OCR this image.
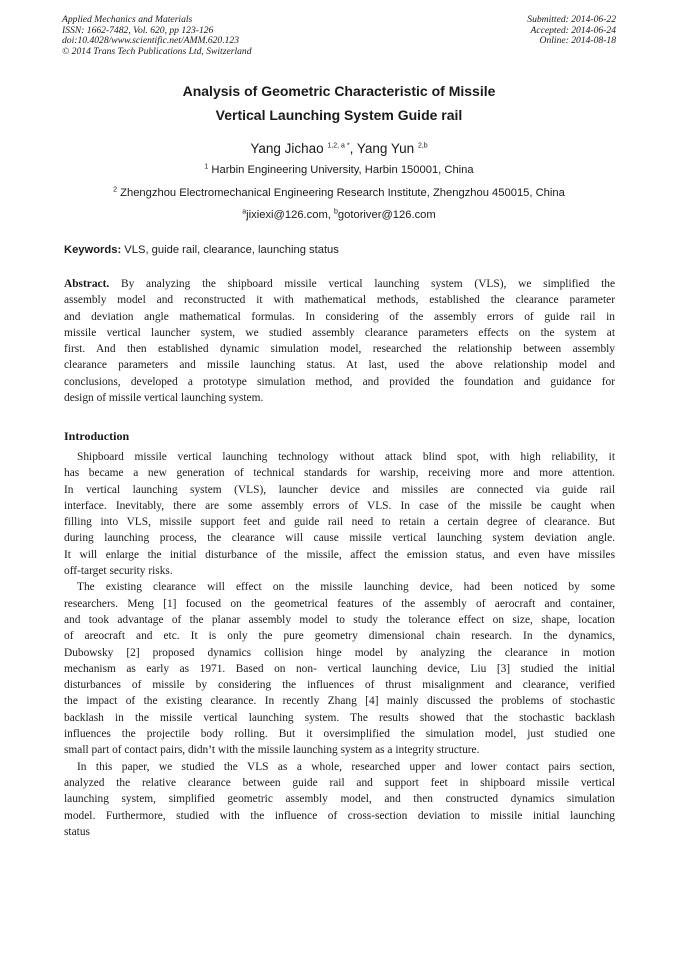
Applied Mechanics and Materials
ISSN: 1662-7482, Vol. 620, pp 123-126
doi:10.4028/www.scientific.net/AMM.620.123
© 2014 Trans Tech Publications Ltd, Switzerland
Submitted: 2014-06-22
Accepted: 2014-06-24
Online: 2014-08-18
Analysis of Geometric Characteristic of Missile
Vertical Launching System Guide rail
Yang Jichao $^{1,2, a *}$, Yang Yun $^{2,b}$
$^1$ Harbin Engineering University, Harbin 150001, China
$^2$ Zhengzhou Electromechanical Engineering Research Institute, Zhengzhou 450015, China
$^a$jixiexi@126.com, $^b$gotoriver@126.com
Keywords: VLS, guide rail, clearance, launching status
Abstract. By analyzing the shipboard missile vertical launching system (VLS), we simplified the
assembly model and reconstructed it with mathematical methods, established the clearance parameter
and deviation angle mathematical formulas. In considering of the assembly errors of guide rail in
missile vertical launcher system, we studied assembly clearance parameters effects on the system at
first. And then established dynamic simulation model, researched the relationship between assembly
clearance parameters and missile launching status. At last, used the above relationship model and
conclusions, developed a prototype simulation method, and provided the foundation and guidance for
design of missile vertical launching system.
Introduction
Shipboard missile vertical launching technology without attack blind spot, with high reliability, it
has became a new generation of technical standards for warship, receiving more and more attention.
In vertical launching system (VLS), launcher device and missiles are connected via guide rail
interface. Inevitably, there are some assembly errors of VLS. In case of the missile be caught when
filling into VLS, missile support feet and guide rail need to retain a certain degree of clearance. But
during launching process, the clearance will cause missile vertical launching system deviation angle.
It will enlarge the initial disturbance of the missile, affect the emission status, and even have missiles
off-target security risks.
The existing clearance will effect on the missile launching device, had been noticed by some
researchers. Meng [1] focused on the geometrical features of the assembly of aerocraft and container,
and took advantage of the planar assembly model to study the tolerance effect on size, shape, location
of areocraft and etc. It is only the pure geometry dimensional chain research. In the dynamics,
Dubowsky [2] proposed dynamics collision hinge model by analyzing the clearance in motion
mechanism as early as 1971. Based on non- vertical launching device, Liu [3] studied the initial
disturbances of missile by considering the influences of thrust misalignment and clearance, verified
the impact of the existing clearance. In recently Zhang [4] mainly discussed the problems of stochastic
backlash in the missile vertical launching system. The results showed that the stochastic backlash
influences the projectile body rolling. But it oversimplified the simulation model, just studied one
small part of contact pairs, didn’t with the missile launching system as a integrity structure.
In this paper, we studied the VLS as a whole, researched upper and lower contact pairs section,
analyzed the relative clearance between guide rail and support feet in shipboard missile vertical
launching system, simplified geometric assembly model, and then constructed dynamics simulation
model. Furthermore, studied with the influence of cross-section deviation to missile initial launching
status
